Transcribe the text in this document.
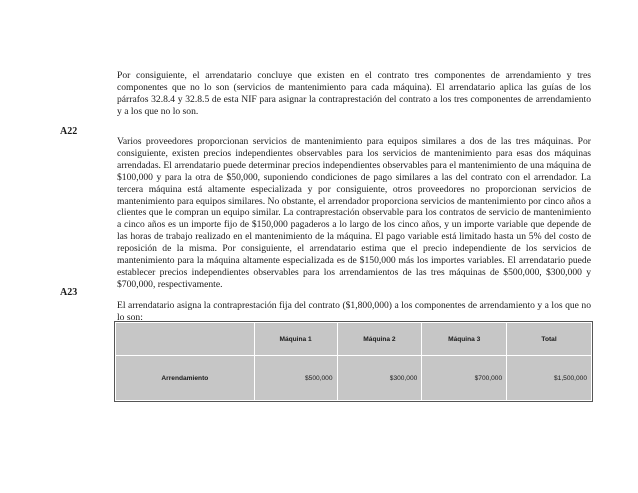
Por consiguiente, el arrendatario concluye que existen en el contrato tres componentes de arrendamiento y tres componentes que no lo son (servicios de mantenimiento para cada máquina). El arrendatario aplica las guías de los párrafos 32.8.4 y 32.8.5 de esta NIF para asignar la contraprestación del contrato a los tres componentes de arrendamiento y a los que no lo son.

A22

Varios proveedores proporcionan servicios de mantenimiento para equipos similares a dos de las tres máquinas. Por consiguiente, existen precios independientes observables para los servicios de mantenimiento para esas dos máquinas arrendadas. El arrendatario puede determinar precios independientes observables para el mantenimiento de una máquina de $100,000 y para la otra de $50,000, suponiendo condiciones de pago similares a las del contrato con el arrendador. La tercera máquina está altamente especializada y por consiguiente, otros proveedores no proporcionan servicios de mantenimiento para equipos similares. No obstante, el arrendador proporciona servicios de mantenimiento por cinco años a clientes que le compran un equipo similar. La contraprestación observable para los contratos de servicio de mantenimiento a cinco años es un importe fijo de $150,000 pagaderos a lo largo de los cinco años, y un importe variable que depende de las horas de trabajo realizado en el mantenimiento de la máquina. El pago variable está limitado hasta un 5% del costo de reposición de la misma. Por consiguiente, el arrendatario estima que el precio independiente de los servicios de mantenimiento para la máquina altamente especializada es de $150,000 más los importes variables. El arrendatario puede establecer precios independientes observables para los arrendamientos de las tres máquinas de $500,000, $300,000 y $700,000, respectivamente.

A23

El arrendatario asigna la contraprestación fija del contrato ($1,800,000) a los componentes de arrendamiento y a los que no lo son:

	Máquina 1	Máquina 2	Máquina 3	Total
Arrendamiento	$500,000	$300,000	$700,000	$1,500,000
